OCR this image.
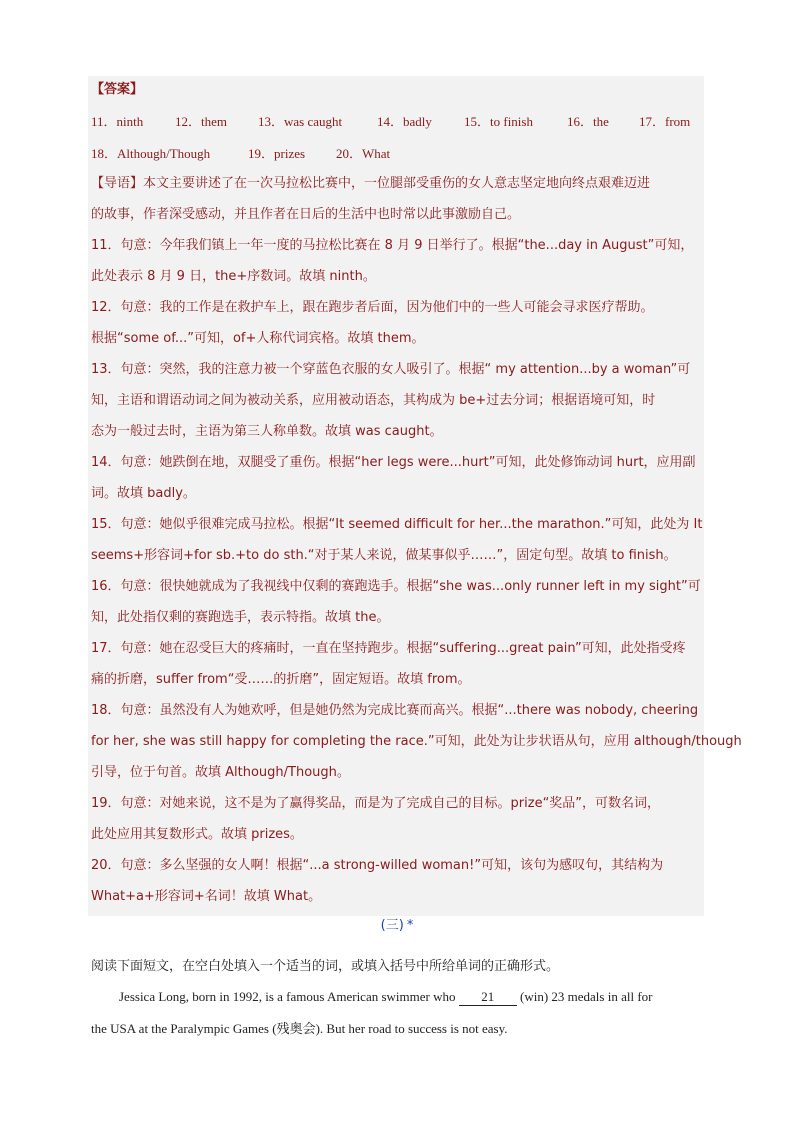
【答案】
11．ninth 12．them 13．was caught	14．badly 15．to finish	16．the 17．from
18．Although/Though	19．prizes 20．What
【导语】本文主要讲述了在一次马拉松比赛中，一位腿部受重伤的女人意志坚定地向终点艰难迈进
的故事，作者深受感动，并且作者在日后的生活中也时常以此事激励自己。
11．句意：今年我们镇上一年一度的马拉松比赛在 8 月 9 日举行了。根据“the...day in August”可知，
此处表示 8 月 9 日，the+序数词。故填 ninth。
12．句意：我的工作是在救护车上，跟在跑步者后面，因为他们中的一些人可能会寻求医疗帮助。
根据“some of...”可知，of+人称代词宾格。故填 them。
13．句意：突然，我的注意力被一个穿蓝色衣服的女人吸引了。根据“ my attention...by a woman”可
知，主语和谓语动词之间为被动关系，应用被动语态，其构成为 be+过去分词；根据语境可知，时
态为一般过去时，主语为第三人称单数。故填 was caught。
14．句意：她跌倒在地，双腿受了重伤。根据“her legs were...hurt”可知，此处修饰动词 hurt，应用副
词。故填 badly。
15．句意：她似乎很难完成马拉松。根据“It seemed difficult for her...the marathon.”可知，此处为 It
seems+形容词+for sb.+to do sth.“对于某人来说，做某事似乎……”，固定句型。故填 to finish。
16．句意：很快她就成为了我视线中仅剩的赛跑选手。根据“she was...only runner left in my sight”可
知，此处指仅剩的赛跑选手，表示特指。故填 the。
17．句意：她在忍受巨大的疼痛时，一直在坚持跑步。根据“suffering...great pain”可知，此处指受疼
痛的折磨，suffer from“受……的折磨”，固定短语。故填 from。
18．句意：虽然没有人为她欢呼，但是她仍然为完成比赛而高兴。根据“...there was nobody, cheering
for her, she was still happy for completing the race.”可知，此处为让步状语从句，应用 although/though
引导，位于句首。故填 Although/Though。
19．句意：对她来说，这不是为了赢得奖品，而是为了完成自己的目标。prize“奖品”，可数名词，
此处应用其复数形式。故填 prizes。
20．句意：多么坚强的女人啊！根据“...a strong-willed woman!”可知，该句为感叹句，其结构为
What+a+形容词+名词！故填 What。
(三) *
阅读下面短文，在空白处填入一个适当的词，或填入括号中所给单词的正确形式。
Jessica Long, born in 1992, is a famous American swimmer who 21 (win) 23 medals in all for
the USA at the Paralympic Games (残奥会). But her road to success is not easy.
